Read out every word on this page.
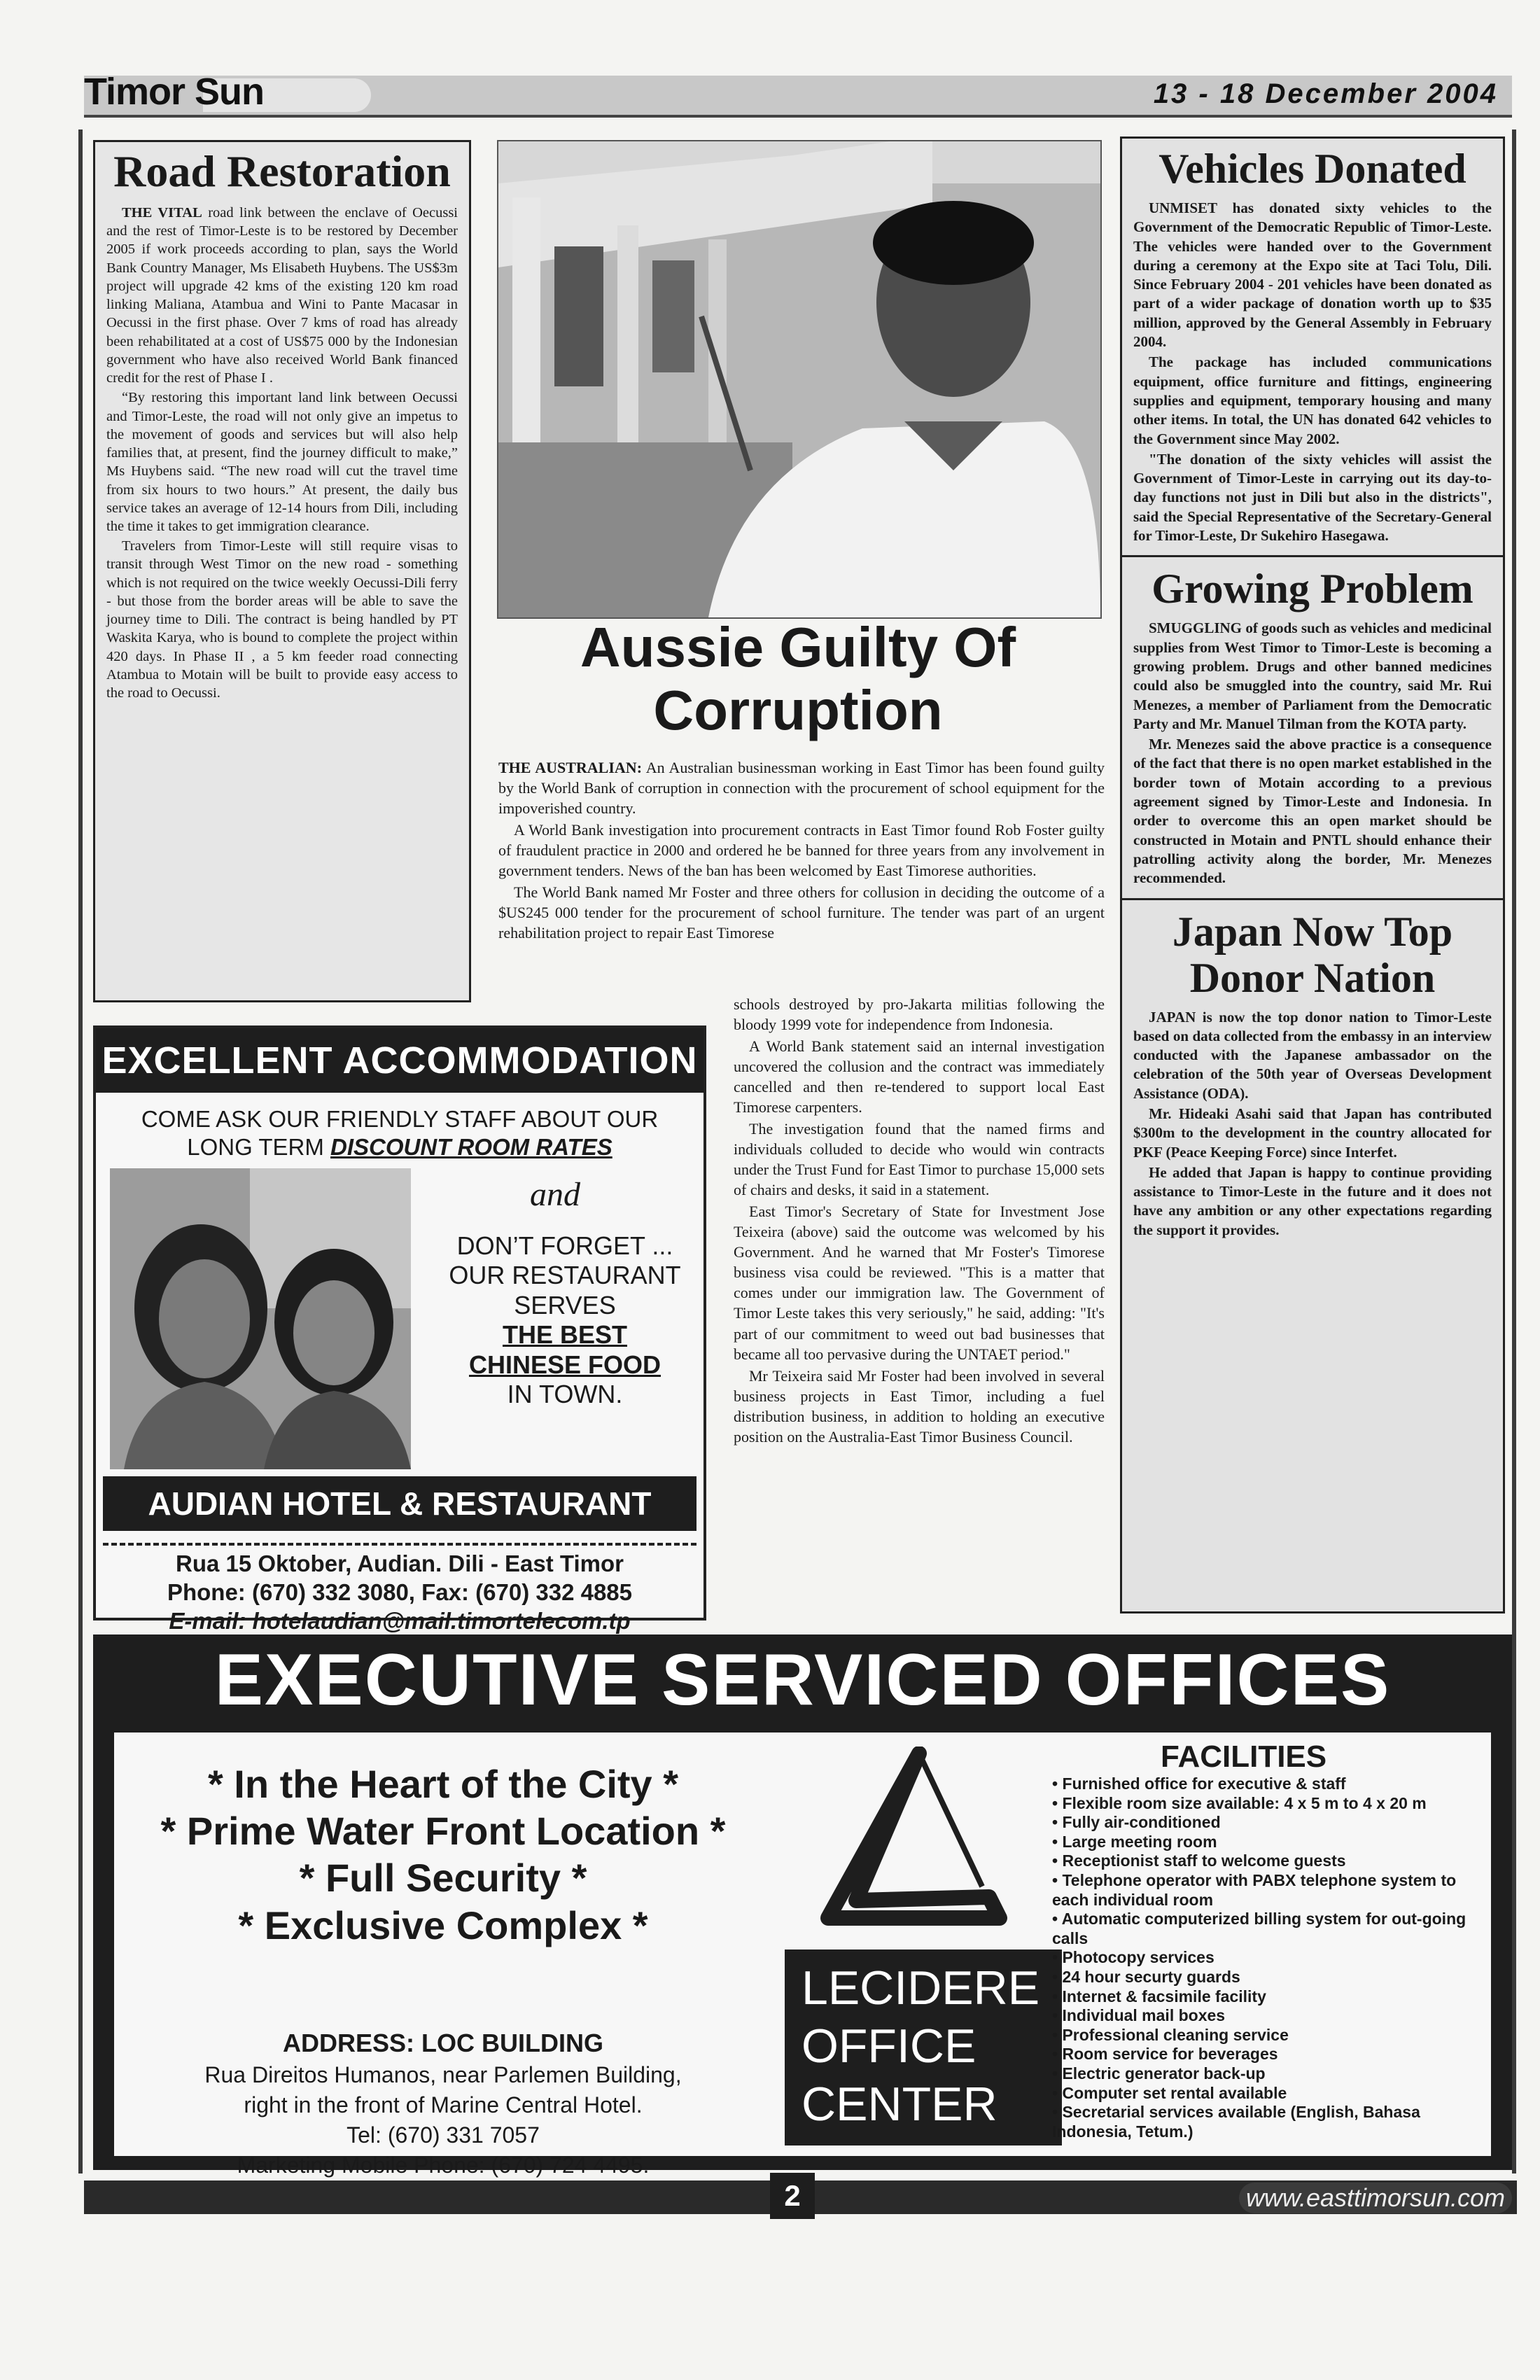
Timor Sun	13 - 18 December 2004
Road Restoration

THE VITAL road link between the enclave of Oecussi and the rest of Timor-Leste is to be restored by December 2005 if work proceeds according to plan, says the World Bank Country Manager, Ms Elisabeth Huybens. The US$3m project will upgrade 42 kms of the existing 120 km road linking Maliana, Atambua and Wini to Pante Macasar in Oecussi in the first phase. Over 7 kms of road has already been rehabilitated at a cost of US$75 000 by the Indonesian government who have also received World Bank financed credit for the rest of Phase I .

“By restoring this important land link between Oecussi and Timor-Leste, the road will not only give an impetus to the movement of goods and services but will also help families that, at present, find the journey difficult to make,” Ms Huybens said. “The new road will cut the travel time from six hours to two hours.” At present, the daily bus service takes an average of 12-14 hours from Dili, including the time it takes to get immigration clearance.

Travelers from Timor-Leste will still require visas to transit through West Timor on the new road - something which is not required on the twice weekly Oecussi-Dili ferry - but those from the border areas will be able to save the journey time to Dili. The contract is being handled by PT Waskita Karya, who is bound to complete the project within 420 days. In Phase II , a 5 km feeder road connecting Atambua to Motain will be built to provide easy access to the road to Oecussi.

Aussie Guilty Of
Corruption

THE AUSTRALIAN: An Australian businessman working in East Timor has been found guilty by the World Bank of corruption in connection with the procurement of school equipment for the impoverished country.

A World Bank investigation into procurement contracts in East Timor found Rob Foster guilty of fraudulent practice in 2000 and ordered he be banned for three years from any involvement in government tenders. News of the ban has been welcomed by East Timorese authorities.

The World Bank named Mr Foster and three others for collusion in deciding the outcome of a $US245 000 tender for the procurement of school furniture. The tender was part of an urgent rehabilitation project to repair East Timorese

schools destroyed by pro-Jakarta militias following the bloody 1999 vote for independence from Indonesia.

A World Bank statement said an internal investigation uncovered the collusion and the contract was immediately cancelled and then re-tendered to support local East Timorese carpenters.

The investigation found that the named firms and individuals colluded to decide who would win contracts under the Trust Fund for East Timor to purchase 15,000 sets of chairs and desks, it said in a statement.

East Timor's Secretary of State for Investment Jose Teixeira (above) said the outcome was welcomed by his Government. And he warned that Mr Foster's Timorese business visa could be reviewed. "This is a matter that comes under our immigration law. The Government of Timor Leste takes this very seriously," he said, adding: "It's part of our commitment to weed out bad businesses that became all too pervasive during the UNTAET period."

Mr Teixeira said Mr Foster had been involved in several business projects in East Timor, including a fuel distribution business, in addition to holding an executive position on the Australia-East Timor Business Council.

Vehicles Donated

UNMISET has donated sixty vehicles to the Government of the Democratic Republic of Timor-Leste. The vehicles were handed over to the Government during a ceremony at the Expo site at Taci Tolu, Dili. Since February 2004 - 201 vehicles have been donated as part of a wider package of donation worth up to $35 million, approved by the General Assembly in February 2004.

The package has included communications equipment, office furniture and fittings, engineering supplies and equipment, temporary housing and many other items. In total, the UN has donated 642 vehicles to the Government since May 2002.

"The donation of the sixty vehicles will assist the Government of Timor-Leste in carrying out its day-to-day functions not just in Dili but also in the districts", said the Special Representative of the Secretary-General for Timor-Leste, Dr Sukehiro Hasegawa.

Growing Problem

SMUGGLING of goods such as vehicles and medicinal supplies from West Timor to Timor-Leste is becoming a growing problem. Drugs and other banned medicines could also be smuggled into the country, said Mr. Rui Menezes, a member of Parliament from the Democratic Party and Mr. Manuel Tilman from the KOTA party.

Mr. Menezes said the above practice is a consequence of the fact that there is no open market established in the border town of Motain according to a previous agreement signed by Timor-Leste and Indonesia. In order to overcome this an open market should be constructed in Motain and PNTL should enhance their patrolling activity along the border, Mr. Menezes recommended.

Japan Now Top
Donor Nation

JAPAN is now the top donor nation to Timor-Leste based on data collected from the embassy in an interview conducted with the Japanese ambassador on the celebration of the 50th year of Overseas Development Assistance (ODA).

Mr. Hideaki Asahi said that Japan has contributed $300m to the development in the country allocated for PKF (Peace Keeping Force) since Interfet.

He added that Japan is happy to continue providing assistance to Timor-Leste in the future and it does not have any ambition or any other expectations regarding the support it provides.

EXCELLENT ACCOMMODATION
COME ASK OUR FRIENDLY STAFF ABOUT OUR
LONG TERM DISCOUNT ROOM RATES
and
DON’T FORGET ...
OUR RESTAURANT
SERVES
THE BEST
CHINESE FOOD
IN TOWN.
AUDIAN HOTEL & RESTAURANT
Rua 15 Oktober, Audian. Dili - East Timor
Phone: (670) 332 3080, Fax: (670) 332 4885
E-mail: hotelaudian@mail.timortelecom.tp
EXECUTIVE SERVICED OFFICES
* In the Heart of the City *
* Prime Water Front Location *
* Full Security *
* Exclusive Complex *
ADDRESS: LOC BUILDING
Rua Direitos Humanos, near Parlemen Building,
right in the front of Marine Central Hotel.
Tel: (670) 331 7057
Marketing Mobile Phone: (670) 724 4495.
LECIDERE
OFFICE
CENTER
FACILITIES
• Furnished office for executive & staff
• Flexible room size available: 4 x 5 m to 4 x 20 m
• Fully air-conditioned
• Large meeting room
• Receptionist staff to welcome guests
• Telephone operator with PABX telephone system to each individual room
• Automatic computerized billing system for out-going calls
• Photocopy services
• 24 hour securty guards
• Internet & facsimile facility
• Individual mail boxes
• Professional cleaning service
• Room service for beverages
• Electric generator back-up
• Computer set rental available
• Secretarial services available (English, Bahasa Indonesia, Tetum.)
2	www.easttimorsun.com
